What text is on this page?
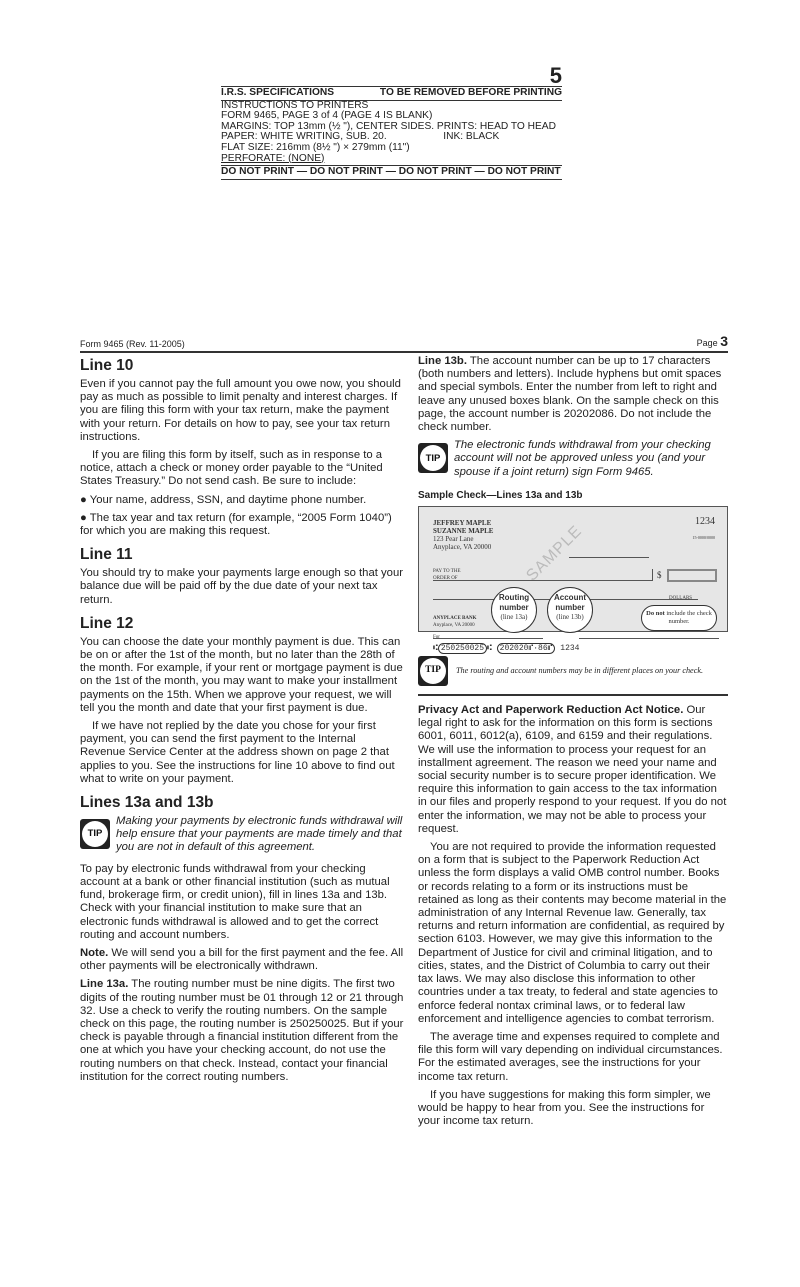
5
I.R.S. SPECIFICATIONS	TO BE REMOVED BEFORE PRINTING
INSTRUCTIONS TO PRINTERS
FORM 9465, PAGE 3 of 4 (PAGE 4 IS BLANK)
MARGINS: TOP 13mm (½ "), CENTER SIDES. PRINTS: HEAD TO HEAD
PAPER: WHITE WRITING, SUB. 20.                    INK: BLACK
FLAT SIZE: 216mm (8½ ") × 279mm (11")
PERFORATE: (NONE)
DO NOT PRINT — DO NOT PRINT — DO NOT PRINT — DO NOT PRINT
Form 9465 (Rev. 11-2005)	Page 3
Line 10

Even if you cannot pay the full amount you owe now, you should pay as much as possible to limit penalty and interest charges. If you are filing this form with your tax return, make the payment with your return. For details on how to pay, see your tax return instructions.

If you are filing this form by itself, such as in response to a notice, attach a check or money order payable to the “United States Treasury.” Do not send cash. Be sure to include:

● Your name, address, SSN, and daytime phone number.

● The tax year and tax return (for example, “2005 Form 1040”) for which you are making this request.

Line 11

You should try to make your payments large enough so that your balance due will be paid off by the due date of your next tax return.

Line 12

You can choose the date your monthly payment is due. This can be on or after the 1st of the month, but no later than the 28th of the month. For example, if your rent or mortgage payment is due on the 1st of the month, you may want to make your installment payments on the 15th. When we approve your request, we will tell you the month and date that your first payment is due.

If we have not replied by the date you chose for your first payment, you can send the first payment to the Internal Revenue Service Center at the address shown on page 2 that applies to you. See the instructions for line 10 above to find out what to write on your payment.

Lines 13a and 13b
TIP
Making your payments by electronic funds withdrawal will help ensure that your payments are made timely and that you are not in default of this agreement.

To pay by electronic funds withdrawal from your checking account at a bank or other financial institution (such as mutual fund, brokerage firm, or credit union), fill in lines 13a and 13b. Check with your financial institution to make sure that an electronic funds withdrawal is allowed and to get the correct routing and account numbers.

Note. We will send you a bill for the first payment and the fee. All other payments will be electronically withdrawn.

Line 13a. The routing number must be nine digits. The first two digits of the routing number must be 01 through 12 or 21 through 32. Use a check to verify the routing numbers. On the sample check on this page, the routing number is 250250025. But if your check is payable through a financial institution different from the one at which you have your checking account, do not use the routing numbers on that check. Instead, contact your financial institution for the correct routing numbers.

Line 13b. The account number can be up to 17 characters (both numbers and letters). Include hyphens but omit spaces and special symbols. Enter the number from left to right and leave any unused boxes blank. On the sample check on this page, the account number is 20202086. Do not include the check number.

TIP
The electronic funds withdrawal from your checking account will not be approved unless you (and your spouse if a joint return) sign Form 9465.
Sample Check—Lines 13a and 13b
JEFFREY MAPLE
SUZANNE MAPLE
123 Pear Lane
Anyplace, VA 20000
1234
15-0000/0000
SAMPLE
PAY TO THE
ORDER OF	$
DOLLARS
ANYPLACE BANK
Anyplace, VA 20000
For
Routing number
(line 13a)
Account number
(line 13b)	Do not include the check number.
⑆ 250250025 ⑆ 202020⑈·86⑈ 1234
TIP	The routing and account numbers may be in different places on your check.

Privacy Act and Paperwork Reduction Act Notice. Our legal right to ask for the information on this form is sections 6001, 6011, 6012(a), 6109, and 6159 and their regulations. We will use the information to process your request for an installment agreement. The reason we need your name and social security number is to secure proper identification. We require this information to gain access to the tax information in our files and properly respond to your request. If you do not enter the information, we may not be able to process your request.

You are not required to provide the information requested on a form that is subject to the Paperwork Reduction Act unless the form displays a valid OMB control number. Books or records relating to a form or its instructions must be retained as long as their contents may become material in the administration of any Internal Revenue law. Generally, tax returns and return information are confidential, as required by section 6103. However, we may give this information to the Department of Justice for civil and criminal litigation, and to cities, states, and the District of Columbia to carry out their tax laws. We may also disclose this information to other countries under a tax treaty, to federal and state agencies to enforce federal nontax criminal laws, or to federal law enforcement and intelligence agencies to combat terrorism.

The average time and expenses required to complete and file this form will vary depending on individual circumstances. For the estimated averages, see the instructions for your income tax return.

If you have suggestions for making this form simpler, we would be happy to hear from you. See the instructions for your income tax return.
